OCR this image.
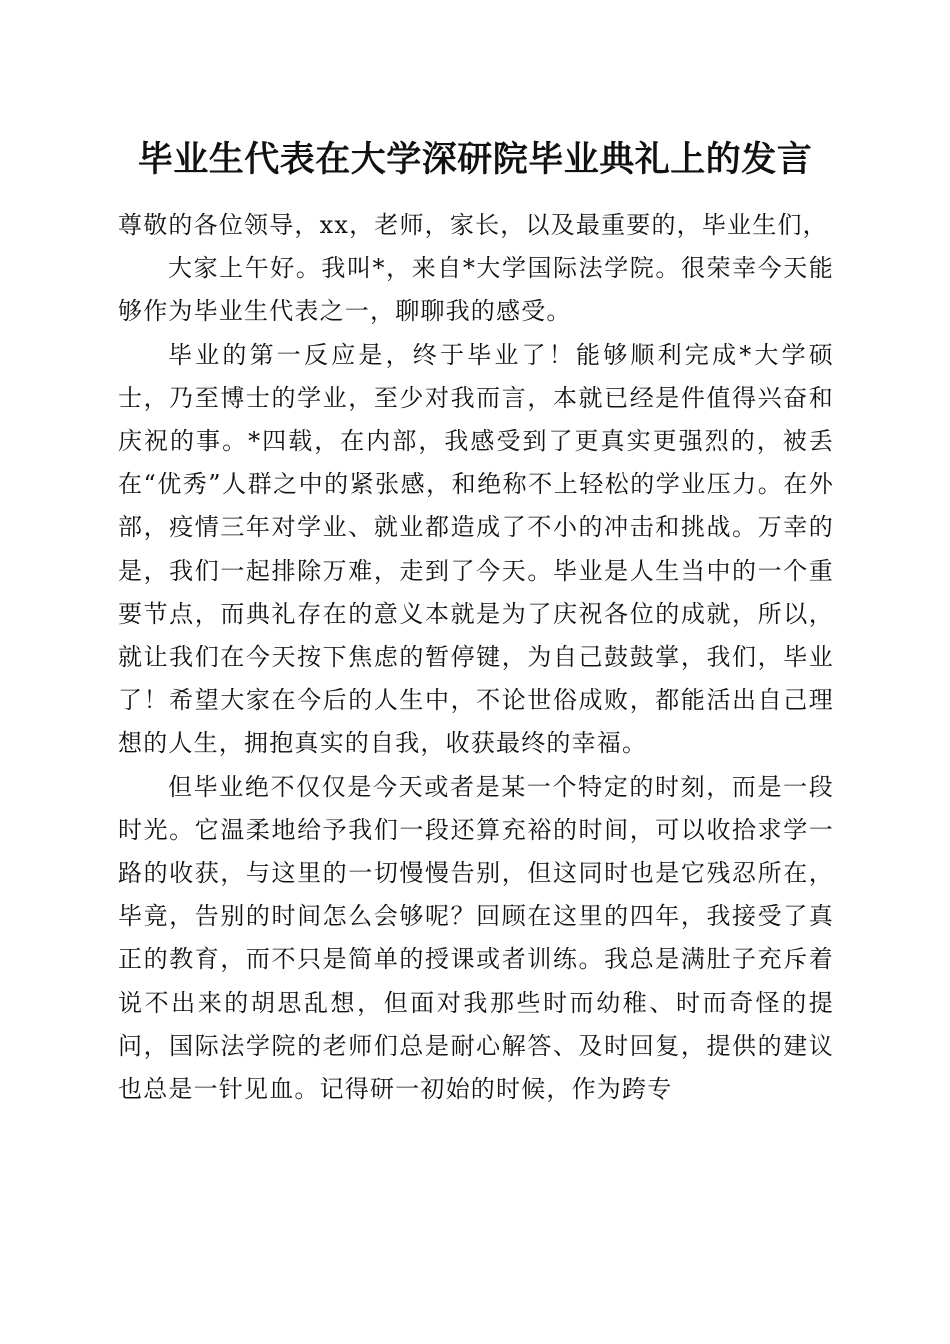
毕业生代表在大学深研院毕业典礼上的发言

尊敬的各位领导，xx，老师，家长，以及最重要的，毕业生们，

大家上午好。我叫*，来自*大学国际法学院。很荣幸今天能够作为毕业生代表之一，聊聊我的感受。

毕业的第一反应是，终于毕业了！能够顺利完成*大学硕士，乃至博士的学业，至少对我而言，本就已经是件值得兴奋和庆祝的事。*四载，在内部，我感受到了更真实更强烈的，被丢在“优秀”人群之中的紧张感，和绝称不上轻松的学业压力。在外部，疫情三年对学业、就业都造成了不小的冲击和挑战。万幸的是，我们一起排除万难，走到了今天。毕业是人生当中的一个重要节点，而典礼存在的意义本就是为了庆祝各位的成就，所以，就让我们在今天按下焦虑的暂停键，为自己鼓鼓掌，我们，毕业了！希望大家在今后的人生中，不论世俗成败，都能活出自己理想的人生，拥抱真实的自我，收获最终的幸福。

但毕业绝不仅仅是今天或者是某一个特定的时刻，而是一段时光。它温柔地给予我们一段还算充裕的时间，可以收拾求学一路的收获，与这里的一切慢慢告别，但这同时也是它残忍所在，毕竟，告别的时间怎么会够呢？回顾在这里的四年，我接受了真正的教育，而不只是简单的授课或者训练。我总是满肚子充斥着说不出来的胡思乱想，但面对我那些时而幼稚、时而奇怪的提问，国际法学院的老师们总是耐心解答、及时回复，提供的建议也总是一针见血。记得研一初始的时候，作为跨专
